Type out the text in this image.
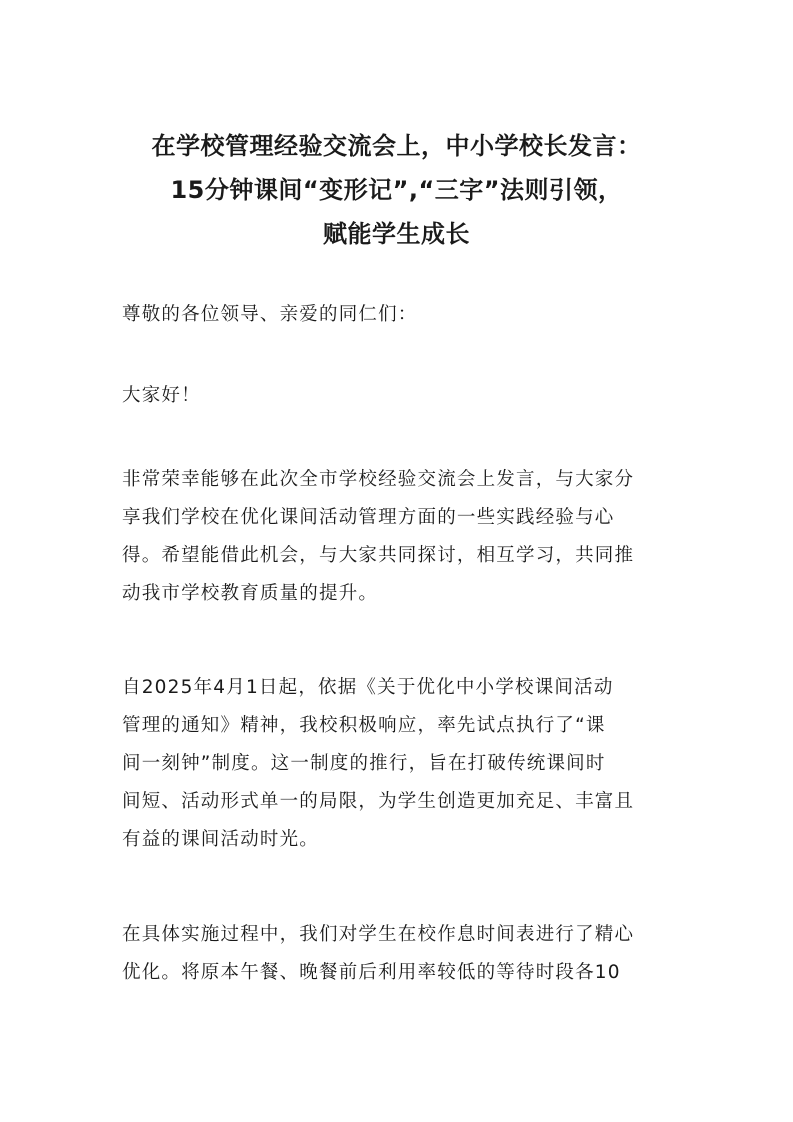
在学校管理经验交流会上，中小学校长发言：
15分钟课间“变形记”,“三字”法则引领，
赋能学生成长
尊敬的各位领导、亲爱的同仁们：
大家好！
非常荣幸能够在此次全市学校经验交流会上发言，与大家分
享我们学校在优化课间活动管理方面的一些实践经验与心
得。希望能借此机会，与大家共同探讨，相互学习，共同推
动我市学校教育质量的提升。
自2025年4月1日起，依据《关于优化中小学校课间活动
管理的通知》精神，我校积极响应，率先试点执行了“课
间一刻钟”制度。这一制度的推行，旨在打破传统课间时
间短、活动形式单一的局限，为学生创造更加充足、丰富且
有益的课间活动时光。
在具体实施过程中，我们对学生在校作息时间表进行了精心
优化。将原本午餐、晚餐前后利用率较低的等待时段各10
